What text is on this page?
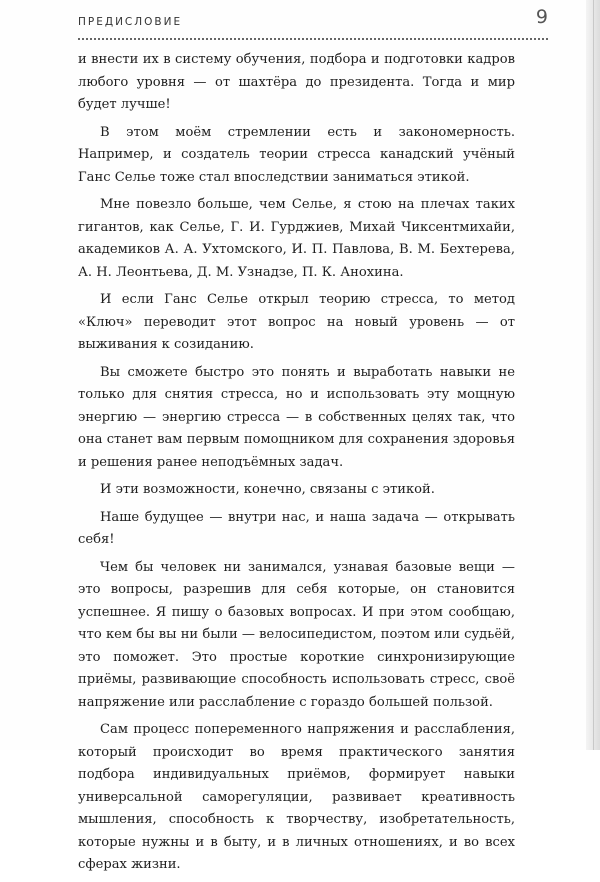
ПРЕДИСЛОВИЕ	9

и внести их в систему обучения, подбора и подготовки кадров любого уровня — от шахтёра до президента. Тогда и мир будет лучше!

В этом моём стремлении есть и закономерность. Например, и создатель теории стресса канадский учёный Ганс Селье тоже стал впоследствии заниматься этикой.

Мне повезло больше, чем Селье, я стою на плечах таких гигантов, как Селье, Г. И. Гурджиев, Михай Чиксентмихайи, академиков А. А. Ухтомского, И. П. Павлова, В. М. Бехтерева, А. Н. Леонтьева, Д. М. Узнадзе, П. К. Анохина.

И если Ганс Селье открыл теорию стресса, то метод «Ключ» переводит этот вопрос на новый уровень — от выживания к созиданию.

Вы сможете быстро это понять и выработать навыки не только для снятия стресса, но и использовать эту мощную энергию — энергию стресса — в собственных целях так, что она станет вам первым помощником для сохранения здоровья и решения ранее неподъёмных задач.

И эти возможности, конечно, связаны с этикой.

Наше будущее — внутри нас, и наша задача — открывать себя!

Чем бы человек ни занимался, узнавая базовые вещи — это вопросы, разрешив для себя которые, он становится успешнее. Я пишу о базовых вопросах. И при этом сообщаю, что кем бы вы ни были — велосипедистом, поэтом или судьёй, это поможет. Это простые короткие синхронизирующие приёмы, развивающие способность использовать стресс, своё напряжение или расслабление с гораздо большей пользой.

Сам процесс попеременного напряжения и расслабления, который происходит во время практического занятия подбора индивидуальных приёмов, формирует навыки универсальной саморегуляции, развивает креативность мышления, способность к творчеству, изобретательность, которые нужны и в быту, и в личных отношениях, и во всех сферах жизни.
